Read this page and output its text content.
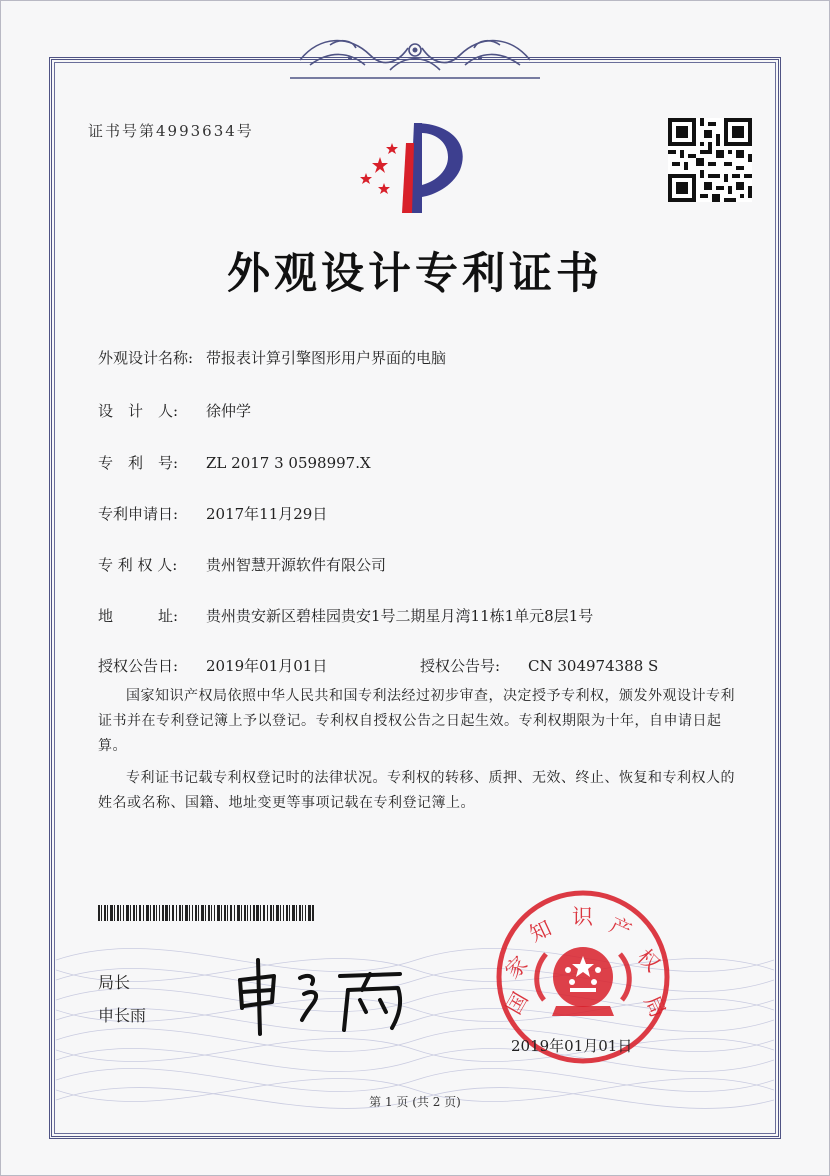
证书号第4993634号
外观设计专利证书
外观设计名称: 带报表计算引擎图形用户界面的电脑
设　计　人: 徐仲学
专　利　号: ZL 2017 3 0598997.X
专利申请日: 2017年11月29日
专 利 权 人: 贵州智慧开源软件有限公司
地　　　址: 贵州贵安新区碧桂园贵安1号二期星月湾11栋1单元8层1号
授权公告日: 2019年01月01日	授权公告号: CN 304974388 S
国家知识产权局依照中华人民共和国专利法经过初步审查，决定授予专利权，颁发外观设计专利证书并在专利登记簿上予以登记。专利权自授权公告之日起生效。专利权期限为十年，自申请日起算。
专利证书记载专利权登记时的法律状况。专利权的转移、质押、无效、终止、恢复和专利权人的姓名或名称、国籍、地址变更等事项记载在专利登记簿上。
局长
申长雨	国
家
知 识 产
权
局
2019年01月01日
第 1 页 (共 2 页)
